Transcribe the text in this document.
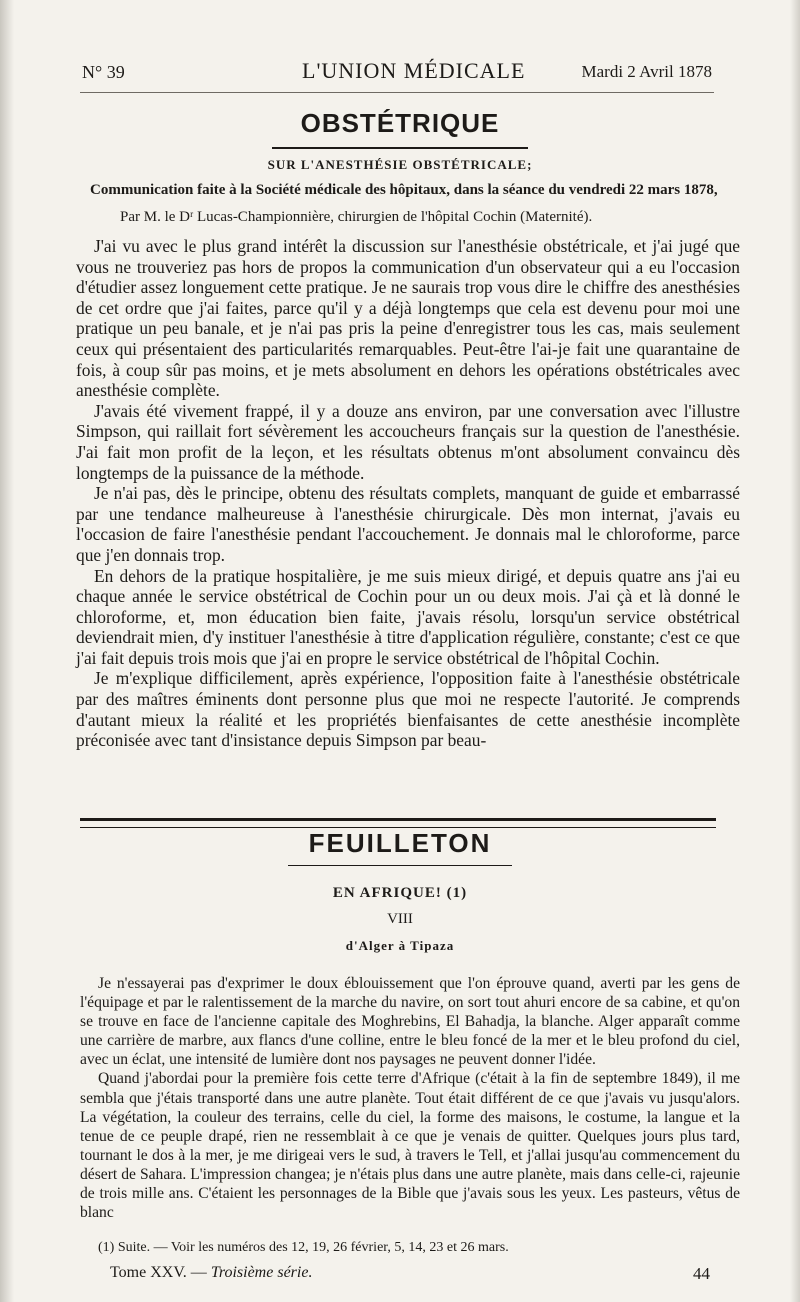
N° 39	L'UNION MÉDICALE	Mardi 2 Avril 1878
OBSTÉTRIQUE
SUR L'ANESTHÉSIE OBSTÉTRICALE;
Communication faite à la Société médicale des hôpitaux, dans la séance du vendredi 22 mars 1878,
Par M. le Dʳ Lucas-Championnière, chirurgien de l'hôpital Cochin (Maternité).

J'ai vu avec le plus grand intérêt la discussion sur l'anesthésie obstétricale, et j'ai jugé que vous ne trouveriez pas hors de propos la communication d'un observateur qui a eu l'occasion d'étudier assez longuement cette pratique. Je ne saurais trop vous dire le chiffre des anesthésies de cet ordre que j'ai faites, parce qu'il y a déjà longtemps que cela est devenu pour moi une pratique un peu banale, et je n'ai pas pris la peine d'enregistrer tous les cas, mais seulement ceux qui présentaient des particularités remarquables. Peut-être l'ai-je fait une quarantaine de fois, à coup sûr pas moins, et je mets absolument en dehors les opérations obstétricales avec anesthésie complète.

J'avais été vivement frappé, il y a douze ans environ, par une conversation avec l'illustre Simpson, qui raillait fort sévèrement les accoucheurs français sur la question de l'anesthésie. J'ai fait mon profit de la leçon, et les résultats obtenus m'ont absolument convaincu dès longtemps de la puissance de la méthode.

Je n'ai pas, dès le principe, obtenu des résultats complets, manquant de guide et embarrassé par une tendance malheureuse à l'anesthésie chirurgicale. Dès mon internat, j'avais eu l'occasion de faire l'anesthésie pendant l'accouchement. Je donnais mal le chloroforme, parce que j'en donnais trop.

En dehors de la pratique hospitalière, je me suis mieux dirigé, et depuis quatre ans j'ai eu chaque année le service obstétrical de Cochin pour un ou deux mois. J'ai çà et là donné le chloroforme, et, mon éducation bien faite, j'avais résolu, lorsqu'un service obstétrical deviendrait mien, d'y instituer l'anesthésie à titre d'application régulière, constante; c'est ce que j'ai fait depuis trois mois que j'ai en propre le service obstétrical de l'hôpital Cochin.

Je m'explique difficilement, après expérience, l'opposition faite à l'anesthésie obstétricale par des maîtres éminents dont personne plus que moi ne respecte l'autorité. Je comprends d'autant mieux la réalité et les propriétés bienfaisantes de cette anesthésie incomplète préconisée avec tant d'insistance depuis Simpson par beau-

FEUILLETON
EN AFRIQUE! (1)
VIII
d'Alger à Tipaza

Je n'essayerai pas d'exprimer le doux éblouissement que l'on éprouve quand, averti par les gens de l'équipage et par le ralentissement de la marche du navire, on sort tout ahuri encore de sa cabine, et qu'on se trouve en face de l'ancienne capitale des Moghrebins, El Bahadja, la blanche. Alger apparaît comme une carrière de marbre, aux flancs d'une colline, entre le bleu foncé de la mer et le bleu profond du ciel, avec un éclat, une intensité de lumière dont nos paysages ne peuvent donner l'idée.

Quand j'abordai pour la première fois cette terre d'Afrique (c'était à la fin de septembre 1849), il me sembla que j'étais transporté dans une autre planète. Tout était différent de ce que j'avais vu jusqu'alors. La végétation, la couleur des terrains, celle du ciel, la forme des maisons, le costume, la langue et la tenue de ce peuple drapé, rien ne ressemblait à ce que je venais de quitter. Quelques jours plus tard, tournant le dos à la mer, je me dirigeai vers le sud, à travers le Tell, et j'allai jusqu'au commencement du désert de Sahara. L'impression changea; je n'étais plus dans une autre planète, mais dans celle-ci, rajeunie de trois mille ans. C'étaient les personnages de la Bible que j'avais sous les yeux. Les pasteurs, vêtus de blanc

(1) Suite. — Voir les numéros des 12, 19, 26 février, 5, 14, 23 et 26 mars.
Tome XXV. — Troisième série.	44
